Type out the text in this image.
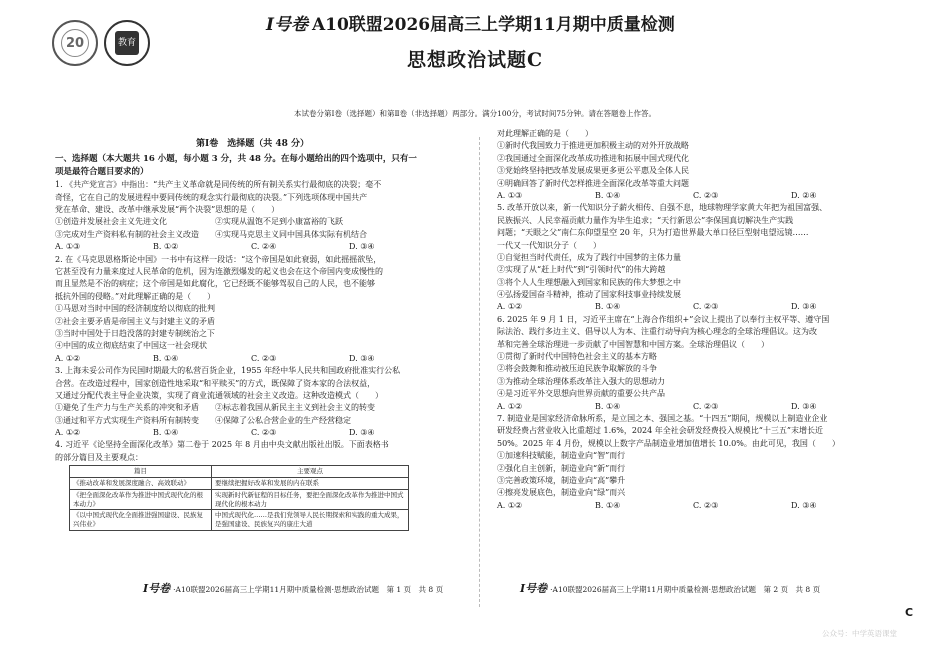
20	教育
I号卷 A10联盟2026届高三上学期11月期中质量检测
思想政治试题C
本试卷分第Ⅰ卷（选择题）和第Ⅱ卷（非选择题）两部分。满分100分，考试时间75分钟。请在答题卷上作答。
第Ⅰ卷　选择题（共 48 分）

一、选择题（本大题共 16 小题，每小题 3 分，共 48 分。在每小题给出的四个选项中，只有一

项是最符合题目要求的）

1. 《共产党宣言》中指出：“共产主义革命就是同传统的所有制关系实行最彻底的决裂；毫不

奇怪，它在自己的发展进程中要同传统的观念实行最彻底的决裂。”下列选项体现中国共产

党在革命、建设、改革中继承发展“两个决裂”思想的是（　　）

①创造并发展社会主义先进文化　　　　　　②实现从温饱不足到小康富裕的飞跃

③完成对生产资料私有制的社会主义改造　　④实现马克思主义同中国具体实际有机结合

A. ①③	B. ①②	C. ②④	D. ③④

2. 在《马克思恩格斯论中国》一书中有这样一段话：“这个帝国是如此衰弱，如此摇摇欲坠，

它甚至没有力量来度过人民革命的危机，因为连激烈爆发的起义也会在这个帝国内变成慢性的

而且显然是不治的病症；这个帝国是如此腐化，它已经既不能够驾驭自己的人民，也不能够

抵抗外国的侵略。”对此理解正确的是（　　）

①马恩对当时中国的经济制度给以彻底的批判

②社会主要矛盾是帝国主义与封建主义的矛盾

③当时中国处于日趋没落的封建专制统治之下

④中国的成立彻底结束了中国这一社会现状

A. ①②	B. ①④	C. ②③	D. ③④

3. 上海未妥公司作为民国时期最大的私营百货企业，1955 年经中华人民共和国政府批准实行公私

合营。在改造过程中，国家创造性地采取“和平赎买”的方式，既保障了资本家的合法权益，

又通过分配代表主导企业决策，实现了商业流通领域的社会主义改造。这种改造模式（　　）

①避免了生产力与生产关系的冲突和矛盾　　②标志着我国从新民主主义到社会主义的转变

③通过和平方式实现生产资料所有制转变　　④保障了公私合营企业的生产经营稳定

A. ①②	B. ①④	C. ②③	D. ③④

4. 习近平《论坚持全面深化改革》第二卷于 2025 年 8 月由中央文献出版社出版。下面表格书

的部分篇目及主要观点：

篇目	主要观点
《推动改革和发展深度融合、高效联动》	要继续把握好改革和发展的内在联系
《把全面深化改革作为推进中国式现代化的根本动力》	实现新时代新征程的目标任务，要把全面深化改革作为推进中国式现代化的根本动力
《以中国式现代化全面推进强国建设、民族复兴伟业》	中国式现代化……是我们党领导人民长期探索和实践的重大成果，是强国建设、民族复兴的康庄大道

对此理解正确的是（　　）

①新时代我国致力于推进更加积极主动的对外开放战略

②我国通过全面深化改革成功推进和拓展中国式现代化

③党始终坚持把改革发展成果更多更公平惠及全体人民

④明确回答了新时代怎样推进全面深化改革等重大问题

A. ①③	B. ①④	C. ②③	D. ②④

5. 改革开放以来，新一代知识分子薪火相传、自强不息，地球物理学家黄大年把为祖国富强、

民族振兴、人民幸福贡献力量作为毕生追求；“天行新思公”李保国真切解决生产实践

问题；“天眼之父”南仁东仰望星空 20 年，只为打造世界最大单口径巨型射电望远镜……

一代又一代知识分子（　　）

①自觉担当时代责任，成为了践行中国梦的主体力量

②实现了从“赶上时代”到“引领时代”的伟大跨越

③将个人人生理想融入到国家和民族的伟大梦想之中

④弘扬爱国奋斗精神，推动了国家科技事业持续发展

A. ①②	B. ①④	C. ②③	D. ③④

6. 2025 年 9 月 1 日，习近平主席在“上海合作组织+”会议上提出了以奉行主权平等、遵守国

际法治、践行多边主义、倡导以人为本、注重行动导向为核心理念的全球治理倡议。这为改

革和完善全球治理进一步贡献了中国智慧和中国方案。全球治理倡议（　　）

①贯彻了新时代中国特色社会主义的基本方略

②将会鼓舞和推动被压迫民族争取解放的斗争

③为推动全球治理体系改革注入强大的思想动力

④是习近平外交思想向世界贡献的重要公共产品

A. ①②	B. ①④	C. ②③	D. ③④

7. 制造业是国家经济命脉所系，是立国之本、强国之基。“十四五”期间，规模以上制造业企业

研发经费占营业收入比重超过 1.6%，2024 年全社会研发经费投入规模比“十三五”末增长近

50%。2025 年 4 月份，规模以上数字产品制造业增加值增长 10.0%。由此可见，我国（　　）

①加速科技赋能，制造业向“智”而行

②强化自主创新，制造业向“新”而行

③完善政策环境，制造业向“高”攀升

④擦亮发展底色，制造业向“绿”而兴

A. ①②	B. ①④	C. ②③	D. ③④
I号卷 ·A10联盟2026届高三上学期11月期中质量检测·思想政治试题　第 1 页　共 8 页	I号卷 ·A10联盟2026届高三上学期11月期中质量检测·思想政治试题　第 2 页　共 8 页
C
公众号：中学英语课堂
